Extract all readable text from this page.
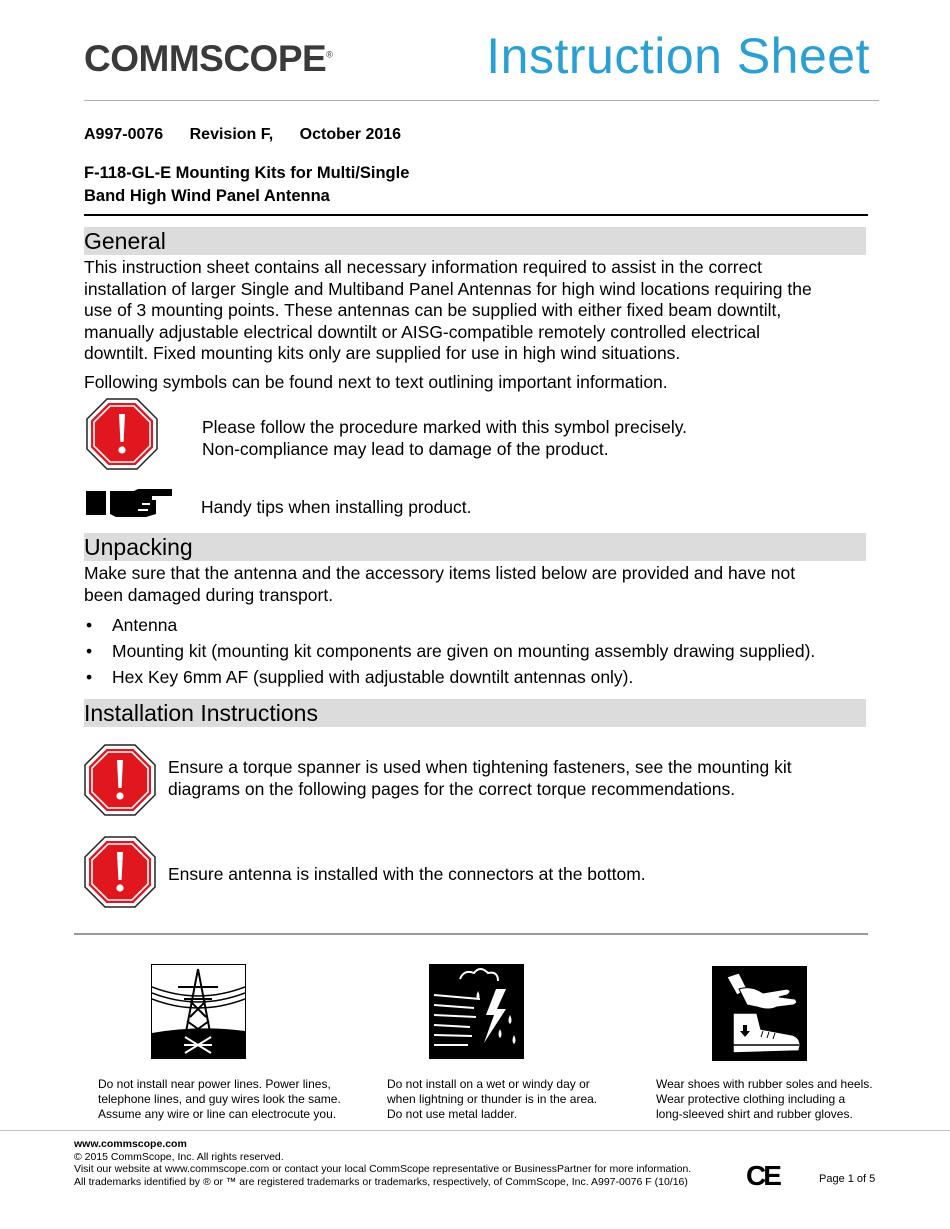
COMMSCOPE®	Instruction Sheet
A997-0076 Revision F, October 2016
F-118-GL-E Mounting Kits for Multi/Single
Band High Wind Panel Antenna
General
This instruction sheet contains all necessary information required to assist in the correct
installation of larger Single and Multiband Panel Antennas for high wind locations requiring the
use of 3 mounting points. These antennas can be supplied with either fixed beam downtilt,
manually adjustable electrical downtilt or AISG-compatible remotely controlled electrical
downtilt. Fixed mounting kits only are supplied for use in high wind situations.
Following symbols can be found next to text outlining important information.
Please follow the procedure marked with this symbol precisely.
Non-compliance may lead to damage of the product.
Handy tips when installing product.
Unpacking
Make sure that the antenna and the accessory items listed below are provided and have not
been damaged during transport.
• Antenna
• Mounting kit (mounting kit components are given on mounting assembly drawing supplied).
• Hex Key 6mm AF (supplied with adjustable downtilt antennas only).
Installation Instructions
Ensure a torque spanner is used when tightening fasteners, see the mounting kit
diagrams on the following pages for the correct torque recommendations.
Ensure antenna is installed with the connectors at the bottom.
Do not install near power lines. Power lines,
telephone lines, and guy wires look the same.
Assume any wire or line can electrocute you.
Do not install on a wet or windy day or
when lightning or thunder is in the area.
Do not use metal ladder.
Wear shoes with rubber soles and heels.
Wear protective clothing including a
long-sleeved shirt and rubber gloves.
www.commscope.com
© 2015 CommScope, Inc. All rights reserved.
Visit our website at www.commscope.com or contact your local CommScope representative or BusinessPartner for more information.
All trademarks identified by ® or ™ are registered trademarks or trademarks, respectively, of CommScope, Inc. A997-0076 F (10/16)	CE	Page 1 of 5
